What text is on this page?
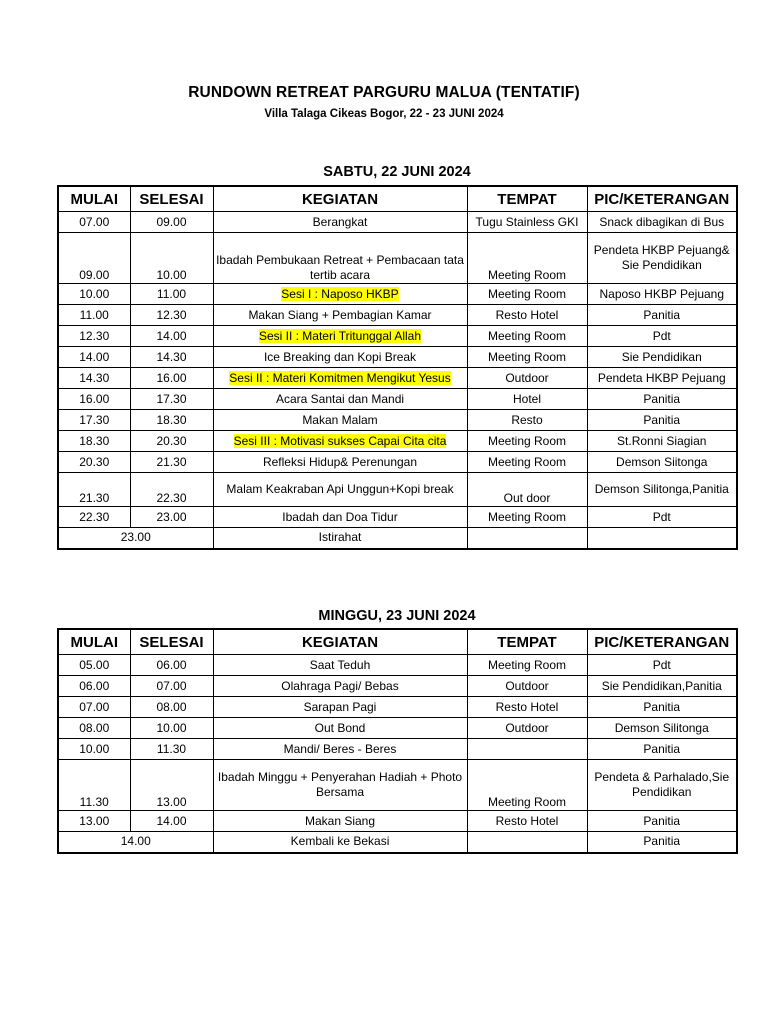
RUNDOWN RETREAT PARGURU MALUA (TENTATIF)
Villa Talaga Cikeas Bogor, 22 - 23 JUNI 2024
SABTU, 22 JUNI 2024
MULAI	SELESAI	KEGIATAN	TEMPAT	PIC/KETERANGAN
07.00	09.00	Berangkat	Tugu Stainless GKI	Snack dibagikan di Bus
09.00	10.00	Ibadah Pembukaan Retreat + Pembacaan tata tertib acara	Meeting Room	Pendeta HKBP Pejuang& Sie Pendidikan
10.00	11.00	Sesi I : Naposo HKBP	Meeting Room	Naposo HKBP Pejuang
11.00	12.30	Makan Siang + Pembagian Kamar	Resto Hotel	Panitia
12.30	14.00	Sesi II : Materi Tritunggal Allah	Meeting Room	Pdt
14.00	14.30	Ice Breaking dan Kopi Break	Meeting Room	Sie Pendidikan
14.30	16.00	Sesi II : Materi Komitmen Mengikut Yesus	Outdoor	Pendeta HKBP Pejuang
16.00	17.30	Acara Santai dan Mandi	Hotel	Panitia
17.30	18.30	Makan Malam	Resto	Panitia
18.30	20.30	Sesi III : Motivasi sukses Capai Cita cita	Meeting Room	St.Ronni Siagian
20.30	21.30	Refleksi Hidup& Perenungan	Meeting Room	Demson Siitonga
21.30	22.30	Malam Keakraban Api Unggun+Kopi break	Out door	Demson Silitonga,Panitia
22.30	23.00	Ibadah dan Doa Tidur	Meeting Room	Pdt
23.00		Istirahat		
MINGGU, 23 JUNI 2024
MULAI	SELESAI	KEGIATAN	TEMPAT	PIC/KETERANGAN
05.00	06.00	Saat Teduh	Meeting Room	Pdt
06.00	07.00	Olahraga Pagi/ Bebas	Outdoor	Sie Pendidikan,Panitia
07.00	08.00	Sarapan Pagi	Resto Hotel	Panitia
08.00	10.00	Out Bond	Outdoor	Demson Silitonga
10.00	11.30	Mandi/ Beres - Beres		Panitia
11.30	13.00	Ibadah Minggu + Penyerahan Hadiah + Photo Bersama	Meeting Room	Pendeta & Parhalado,Sie Pendidikan
13.00	14.00	Makan Siang	Resto Hotel	Panitia
14.00		Kembali ke Bekasi		Panitia
